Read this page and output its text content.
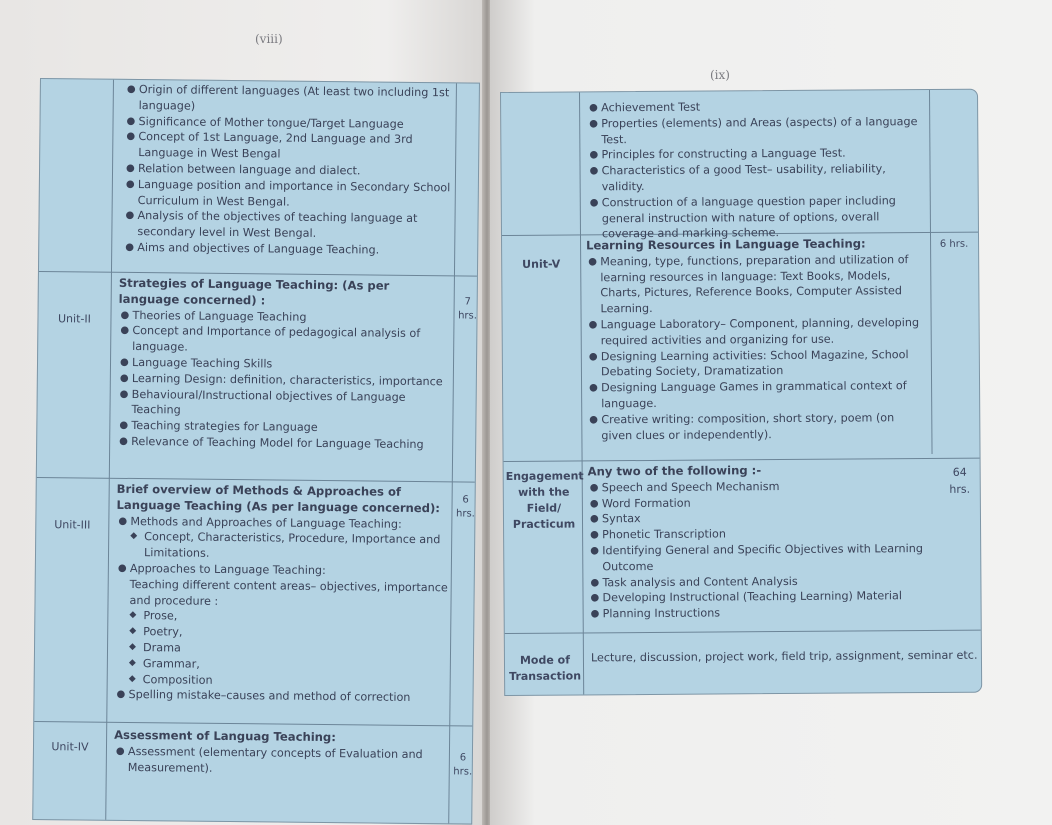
(viii)
● Origin of different languages (At least two including 1st language)
● Significance of Mother tongue/Target Language
● Concept of 1st Language, 2nd Language and 3rd Language in West Bengal
● Relation between language and dialect.
● Language position and importance in Secondary School Curriculum in West Bengal.
● Analysis of the objectives of teaching language at secondary level in West Bengal.
● Aims and objectives of Language Teaching.
Unit-II
7 hrs.
Strategies of Language Teaching: (As per language concerned) :
● Theories of Language Teaching
● Concept and Importance of pedagogical analysis of language.
● Language Teaching Skills
● Learning Design: definition, characteristics, importance
● Behavioural/Instructional objectives of Language Teaching
● Teaching strategies for Language
● Relevance of Teaching Model for Language Teaching
Unit-III
6 hrs.
Brief overview of Methods & Approaches of Language Teaching (As per language concerned):
● Methods and Approaches of Language Teaching:
◆ Concept, Characteristics, Procedure, Importance and Limitations.
● Approaches to Language Teaching:
Teaching different content areas– objectives, importance and procedure :
◆ Prose,
◆ Poetry,
◆ Drama
◆ Grammar,
◆ Composition
● Spelling mistake–causes and method of correction
Unit-IV
6 hrs.
Assessment of Languag Teaching:
● Assessment (elementary concepts of Evaluation and Measurement).
(ix)
● Achievement Test
● Properties (elements) and Areas (aspects) of a language Test.
● Principles for constructing a Language Test.
● Characteristics of a good Test– usability, reliability, validity.
● Construction of a language question paper including general instruction with nature of options, overall coverage and marking scheme.
Unit-V
6 hrs.
Learning Resources in Language Teaching:
● Meaning, type, functions, preparation and utilization of learning resources in language: Text Books, Models, Charts, Pictures, Reference Books, Computer Assisted Learning.
● Language Laboratory– Component, planning, developing required activities and organizing for use.
● Designing Learning activities: School Magazine, School Debating Society, Dramatization
● Designing Language Games in grammatical context of language.
● Creative writing: composition, short story, poem (on given clues or independently).
Engagement
with the
Field/
Practicum
64
hrs.
Any two of the following :-
● Speech and Speech Mechanism
● Word Formation
● Syntax
● Phonetic Transcription
● Identifying General and Specific Objectives with Learning Outcome
● Task analysis and Content Analysis
● Developing Instructional (Teaching Learning) Material
● Planning Instructions
Mode of
Transaction
Lecture, discussion, project work, field trip, assignment, seminar etc.
